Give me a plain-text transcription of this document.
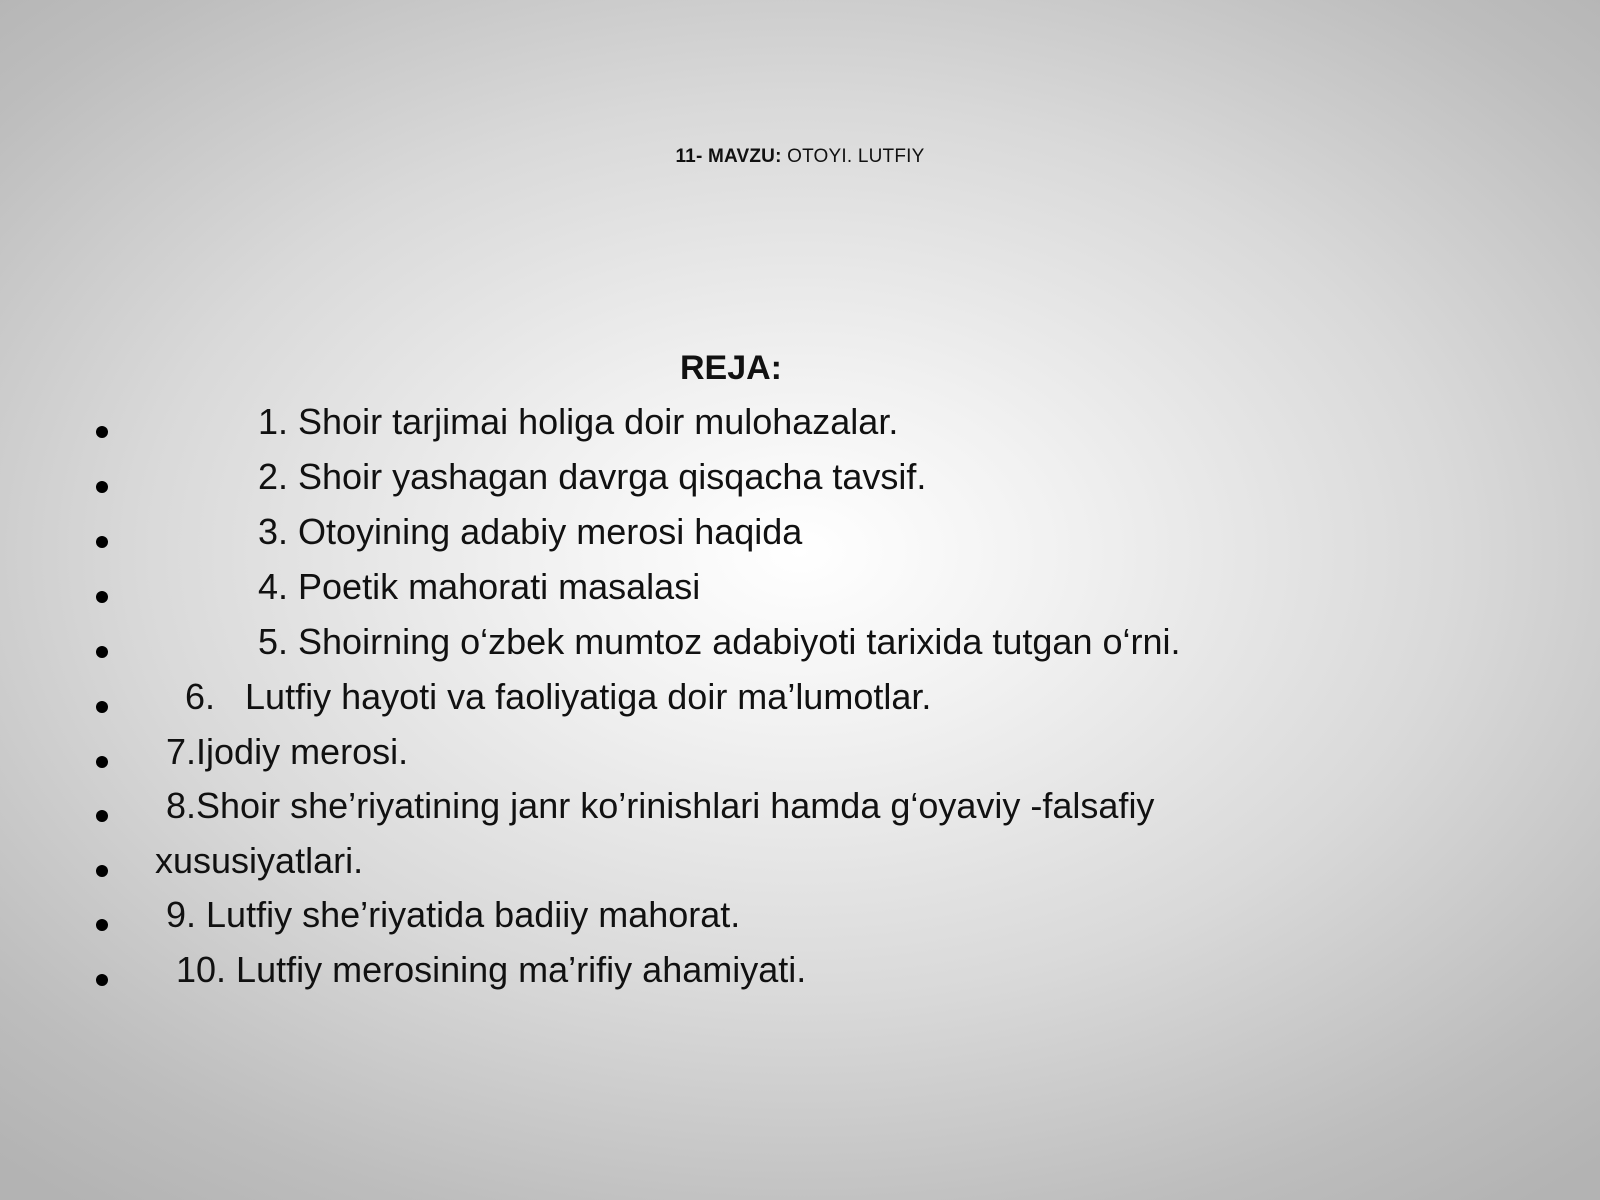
11- MAVZU: OTOYI. LUTFIY
REJA:
1. Shoir tarjimai holiga doir mulohazalar.
2. Shoir yashagan davrga qisqacha tavsif.
3. Otoyining adabiy merosi haqida
4. Poetik mahorati masalasi
5. Shoirning o‘zbek mumtoz adabiyoti tarixida tutgan o‘rni.
6.   Lutfiy hayoti va faoliyatiga doir ma’lumotlar.
7.Ijodiy merosi.
8.Shoir she’riyatining janr ko’rinishlari hamda g‘oyaviy -falsafiy
xususiyatlari.
9. Lutfiy she’riyatida badiiy mahorat.
10. Lutfiy merosining ma’rifiy ahamiyati.
